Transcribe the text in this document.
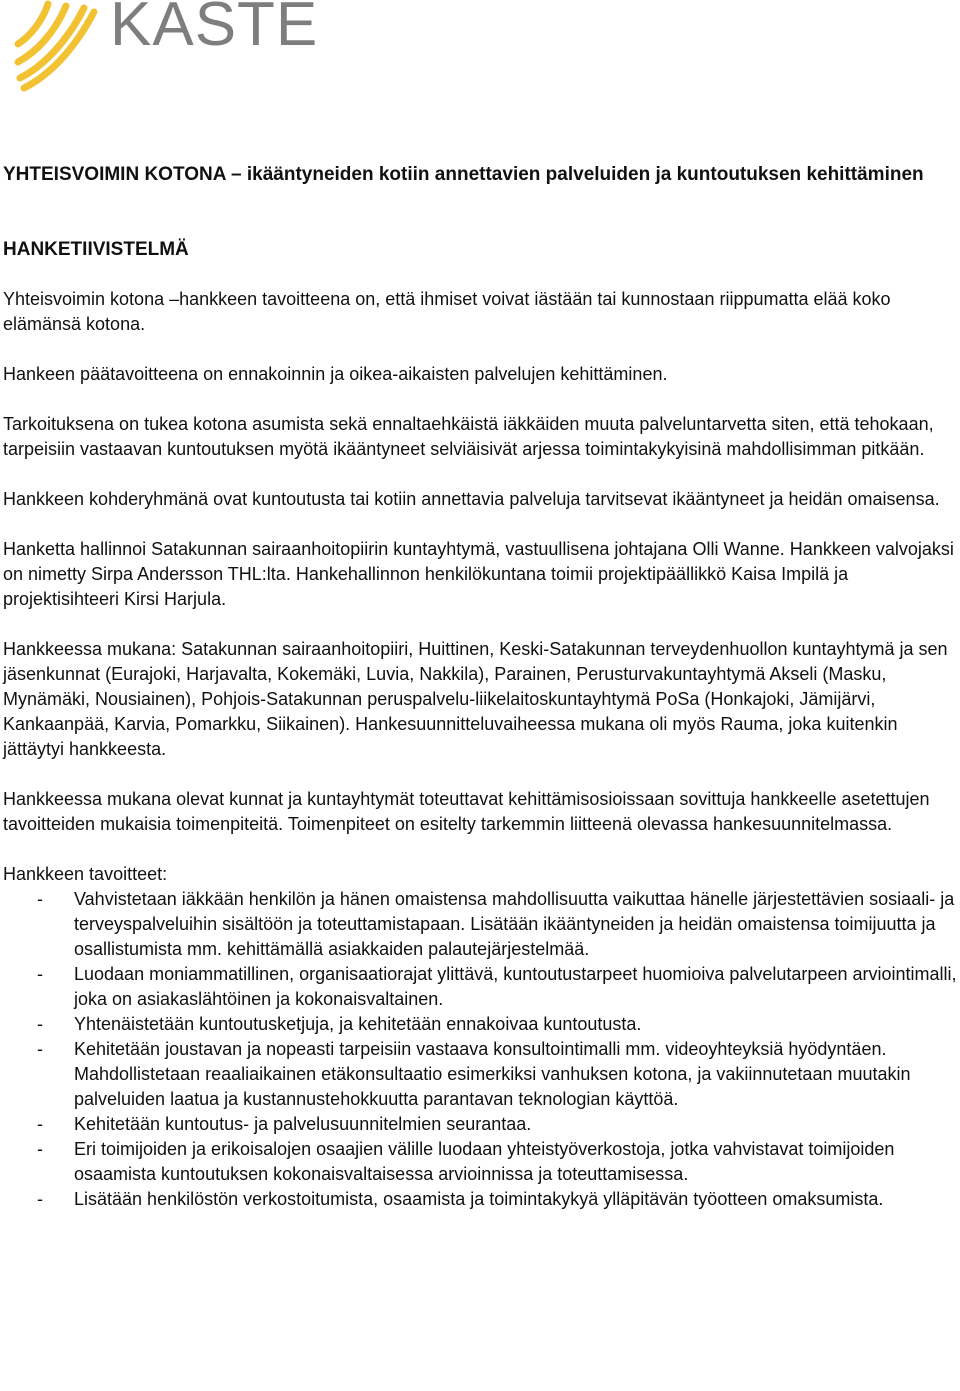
KASTE
YHTEISVOIMIN KOTONA – ikääntyneiden kotiin annettavien palveluiden ja kuntoutuksen kehittäminen
HANKETIIVISTELMÄ
Yhteisvoimin kotona –hankkeen tavoitteena on, että ihmiset voivat iästään tai kunnostaan riippumatta elää koko elämänsä kotona.
Hankeen päätavoitteena on ennakoinnin ja oikea-aikaisten palvelujen kehittäminen.
Tarkoituksena on tukea kotona asumista sekä ennaltaehkäistä iäkkäiden muuta palveluntarvetta siten, että tehokaan, tarpeisiin vastaavan kuntoutuksen myötä ikääntyneet selviäisivät arjessa toimintakykyisinä mahdollisimman pitkään.
Hankkeen kohderyhmänä ovat kuntoutusta tai kotiin annettavia palveluja tarvitsevat ikääntyneet ja heidän omaisensa.
Hanketta hallinnoi Satakunnan sairaanhoitopiirin kuntayhtymä, vastuullisena johtajana Olli Wanne. Hankkeen valvojaksi on nimetty Sirpa Andersson THL:lta. Hankehallinnon henkilökuntana toimii projektipäällikkö Kaisa Impilä ja projektisihteeri Kirsi Harjula.
Hankkeessa mukana: Satakunnan sairaanhoitopiiri, Huittinen, Keski-Satakunnan terveydenhuollon kuntayhtymä ja sen jäsenkunnat (Eurajoki, Harjavalta, Kokemäki, Luvia, Nakkila), Parainen, Perusturvakuntayhtymä Akseli (Masku, Mynämäki, Nousiainen), Pohjois-Satakunnan peruspalvelu-liikelaitoskuntayhtymä PoSa (Honkajoki, Jämijärvi, Kankaanpää, Karvia, Pomarkku, Siikainen). Hankesuunnitteluvaiheessa mukana oli myös Rauma, joka kuitenkin jättäytyi hankkeesta.
Hankkeessa mukana olevat kunnat ja kuntayhtymät toteuttavat kehittämisosioissaan sovittuja hankkeelle asetettujen tavoitteiden mukaisia toimenpiteitä. Toimenpiteet on esitelty tarkemmin liitteenä olevassa hankesuunnitelmassa.
Hankkeen tavoitteet:
- Vahvistetaan iäkkään henkilön ja hänen omaistensa mahdollisuutta vaikuttaa hänelle järjestettävien sosiaali- ja terveyspalveluihin sisältöön ja toteuttamistapaan. Lisätään ikääntyneiden ja heidän omaistensa toimijuutta ja osallistumista mm. kehittämällä asiakkaiden palautejärjestelmää.
- Luodaan moniammatillinen, organisaatiorajat ylittävä, kuntoutustarpeet huomioiva palvelutarpeen arviointimalli, joka on asiakaslähtöinen ja kokonaisvaltainen.
- Yhtenäistetään kuntoutusketjuja, ja kehitetään ennakoivaa kuntoutusta.
- Kehitetään joustavan ja nopeasti tarpeisiin vastaava konsultointimalli mm. videoyhteyksiä hyödyntäen. Mahdollistetaan reaaliaikainen etäkonsultaatio esimerkiksi vanhuksen kotona, ja vakiinnutetaan muutakin palveluiden laatua ja kustannustehokkuutta parantavan teknologian käyttöä.
- Kehitetään kuntoutus- ja palvelusuunnitelmien seurantaa.
- Eri toimijoiden ja erikoisalojen osaajien välille luodaan yhteistyöverkostoja, jotka vahvistavat toimijoiden osaamista kuntoutuksen kokonaisvaltaisessa arvioinnissa ja toteuttamisessa.
- Lisätään henkilöstön verkostoitumista, osaamista ja toimintakykyä ylläpitävän työotteen omaksumista.
